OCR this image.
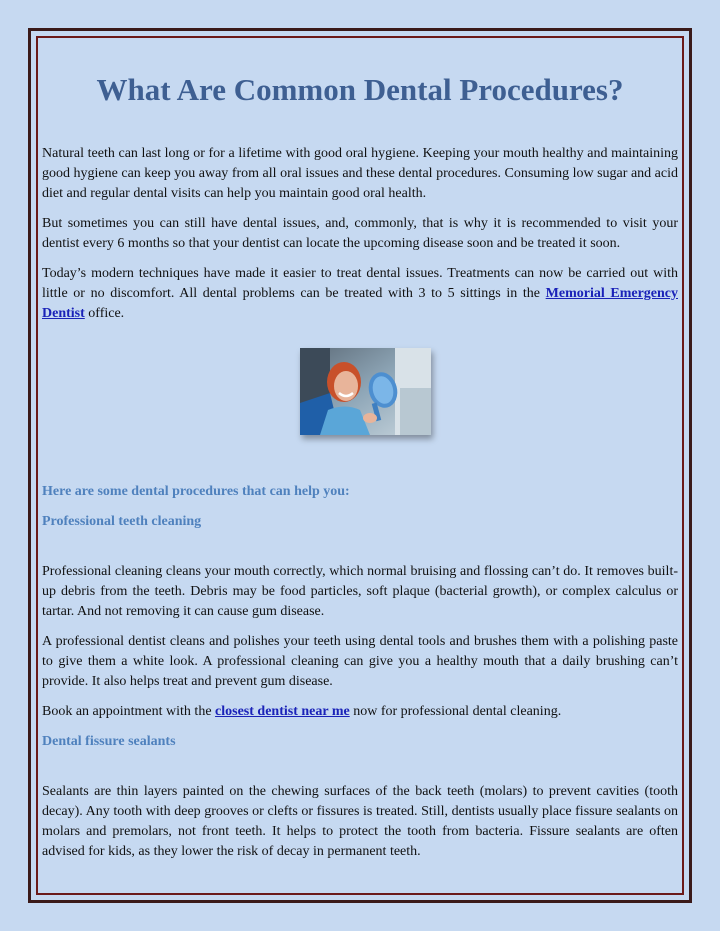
What Are Common Dental Procedures?

Natural teeth can last long or for a lifetime with good oral hygiene. Keeping your mouth healthy and maintaining good hygiene can keep you away from all oral issues and these dental procedures. Consuming low sugar and acid diet and regular dental visits can help you maintain good oral health.

But sometimes you can still have dental issues, and, commonly, that is why it is recommended to visit your dentist every 6 months so that your dentist can locate the upcoming disease soon and be treated it soon.

Today’s modern techniques have made it easier to treat dental issues. Treatments can now be carried out with little or no discomfort. All dental problems can be treated with 3 to 5 sittings in the Memorial Emergency Dentist office.

Here are some dental procedures that can help you:

Professional teeth cleaning

Professional cleaning cleans your mouth correctly, which normal bruising and flossing can’t do. It removes built-up debris from the teeth. Debris may be food particles, soft plaque (bacterial growth), or complex calculus or tartar. And not removing it can cause gum disease.

A professional dentist cleans and polishes your teeth using dental tools and brushes them with a polishing paste to give them a white look. A professional cleaning can give you a healthy mouth that a daily brushing can’t provide. It also helps treat and prevent gum disease.

Book an appointment with the closest dentist near me now for professional dental cleaning.

Dental fissure sealants

Sealants are thin layers painted on the chewing surfaces of the back teeth (molars) to prevent cavities (tooth decay). Any tooth with deep grooves or clefts or fissures is treated. Still, dentists usually place fissure sealants on molars and premolars, not front teeth. It helps to protect the tooth from bacteria. Fissure sealants are often advised for kids, as they lower the risk of decay in permanent teeth.
